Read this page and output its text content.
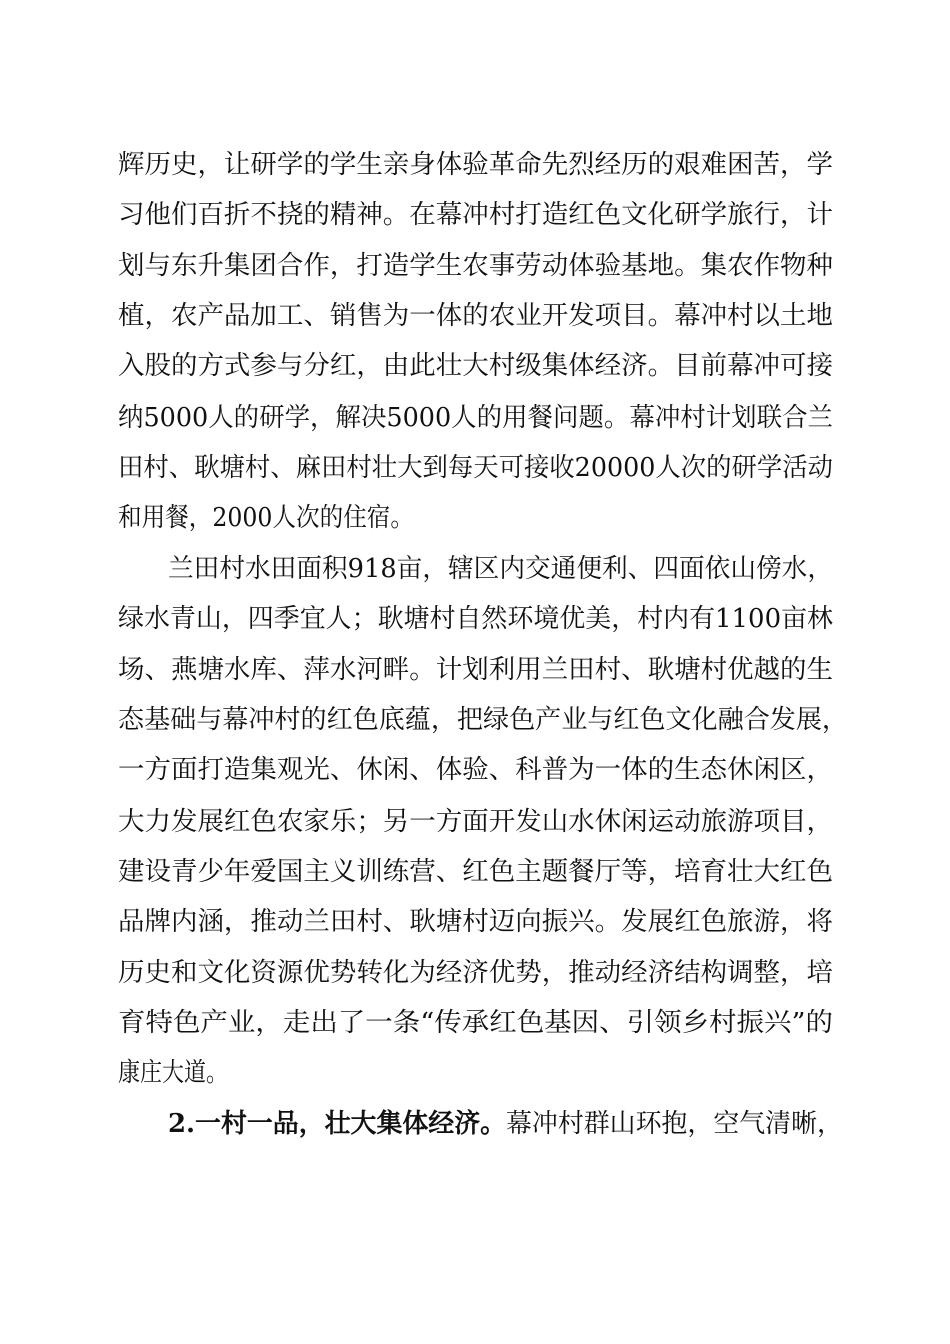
辉历史，让研学的学生亲身体验革命先烈经历的艰难困苦，学
习他们百折不挠的精神。在幕冲村打造红色文化研学旅行，计
划与东升集团合作，打造学生农事劳动体验基地。集农作物种
植，农产品加工、销售为一体的农业开发项目。幕冲村以土地
入股的方式参与分红，由此壮大村级集体经济。目前幕冲可接
纳5000人的研学，解决5000人的用餐问题。幕冲村计划联合兰
田村、耿塘村、麻田村壮大到每天可接收20000人次的研学活动
和用餐，2000人次的住宿。
兰田村水田面积918亩，辖区内交通便利、四面依山傍水，
绿水青山，四季宜人；耿塘村自然环境优美，村内有1100亩林
场、燕塘水库、萍水河畔。计划利用兰田村、耿塘村优越的生
态基础与幕冲村的红色底蕴，把绿色产业与红色文化融合发展，
一方面打造集观光、休闲、体验、科普为一体的生态休闲区，
大力发展红色农家乐；另一方面开发山水休闲运动旅游项目，
建设青少年爱国主义训练营、红色主题餐厅等，培育壮大红色
品牌内涵，推动兰田村、耿塘村迈向振兴。发展红色旅游，将
历史和文化资源优势转化为经济优势，推动经济结构调整，培
育特色产业，走出了一条“传承红色基因、引领乡村振兴”的
康庄大道。
2.一村一品，壮大集体经济。 幕冲村群山环抱，空气清晰，
